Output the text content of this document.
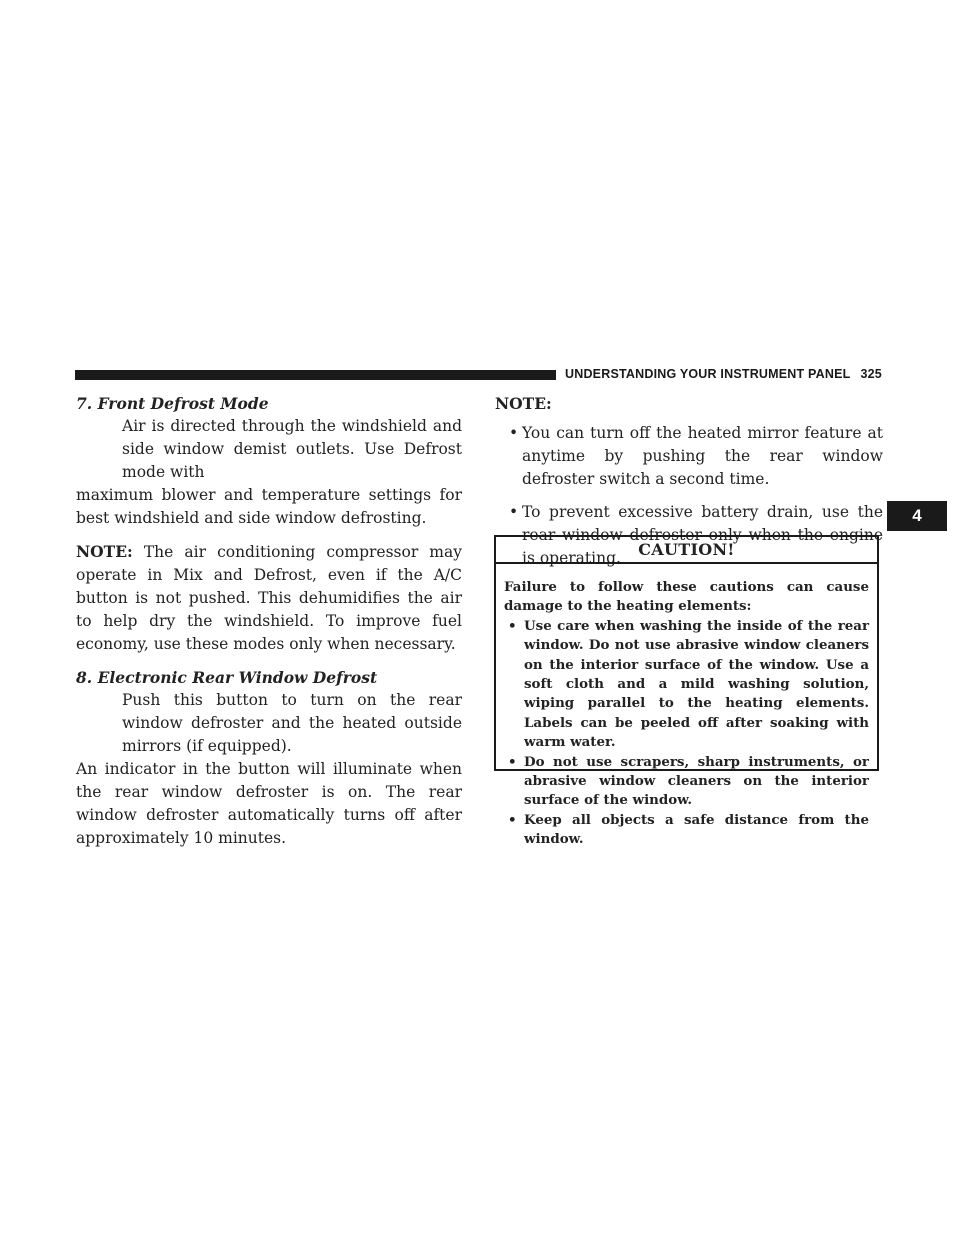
UNDERSTANDING YOUR INSTRUMENT PANEL 325
4

7. Front Defrost Mode

Air is directed through the windshield and side window demist outlets. Use Defrost mode with
maximum blower and temperature settings for best windshield and side window defrosting.

NOTE: The air conditioning compressor may operate in Mix and Defrost, even if the A/C button is not pushed. This dehumidifies the air to help dry the windshield. To improve fuel economy, use these modes only when necessary.

8. Electronic Rear Window Defrost

Push this button to turn on the rear window defroster and the heated outside mirrors (if equipped).
An indicator in the button will illuminate when the rear window defroster is on. The rear window defroster automatically turns off after approximately 10 minutes.

NOTE:

• You can turn off the heated mirror feature at anytime by pushing the rear window defroster switch a second time.
• To prevent excessive battery drain, use the rear window defroster only when the engine is operating.	CAUTION!

Failure to follow these cautions can cause damage to the heating elements:

• Use care when washing the inside of the rear window. Do not use abrasive window cleaners on the interior surface of the window. Use a soft cloth and a mild washing solution, wiping parallel to the heating elements. Labels can be peeled off after soaking with warm water.
• Do not use scrapers, sharp instruments, or abrasive window cleaners on the interior surface of the window.
• Keep all objects a safe distance from the window.
